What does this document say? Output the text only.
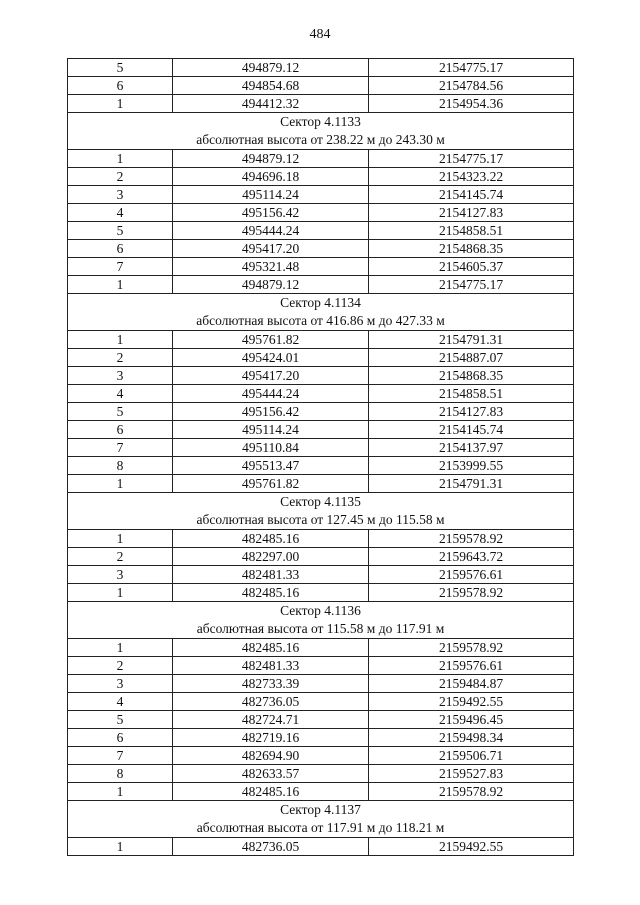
484
5	494879.12	2154775.17
6	494854.68	2154784.56
1	494412.32	2154954.36

Сектор 4.1133
абсолютная высота от 238.22 м до 243.30 м		

1	494879.12	2154775.17
2	494696.18	2154323.22
3	495114.24	2154145.74
4	495156.42	2154127.83
5	495444.24	2154858.51
6	495417.20	2154868.35
7	495321.48	2154605.37
1	494879.12	2154775.17

Сектор 4.1134
абсолютная высота от 416.86 м до 427.33 м		

1	495761.82	2154791.31
2	495424.01	2154887.07
3	495417.20	2154868.35
4	495444.24	2154858.51
5	495156.42	2154127.83
6	495114.24	2154145.74
7	495110.84	2154137.97
8	495513.47	2153999.55
1	495761.82	2154791.31

Сектор 4.1135
абсолютная высота от 127.45 м до 115.58 м		

1	482485.16	2159578.92
2	482297.00	2159643.72
3	482481.33	2159576.61
1	482485.16	2159578.92

Сектор 4.1136
абсолютная высота от 115.58 м до 117.91 м		

1	482485.16	2159578.92
2	482481.33	2159576.61
3	482733.39	2159484.87
4	482736.05	2159492.55
5	482724.71	2159496.45
6	482719.16	2159498.34
7	482694.90	2159506.71
8	482633.57	2159527.83
1	482485.16	2159578.92

Сектор 4.1137
абсолютная высота от 117.91 м до 118.21 м		

1	482736.05	2159492.55
